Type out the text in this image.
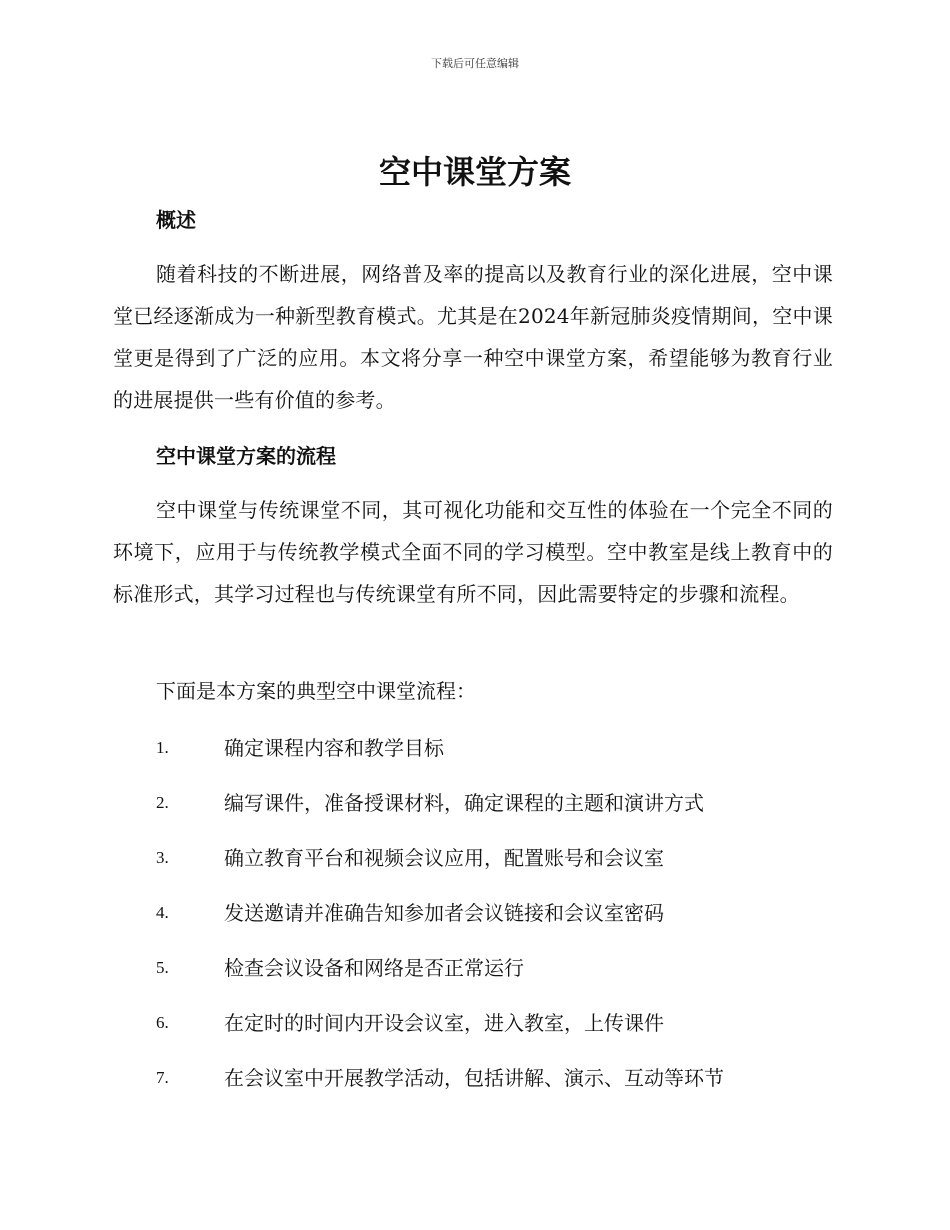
下载后可任意编辑
空中课堂方案
概述

随着科技的不断进展，网络普及率的提高以及教育行业的深化进展，空中课堂已经逐渐成为一种新型教育模式。尤其是在2024年新冠肺炎疫情期间，空中课堂更是得到了广泛的应用。本文将分享一种空中课堂方案，希望能够为教育行业的进展提供一些有价值的参考。

空中课堂方案的流程

空中课堂与传统课堂不同，其可视化功能和交互性的体验在一个完全不同的环境下，应用于与传统教学模式全面不同的学习模型。空中教室是线上教育中的标准形式，其学习过程也与传统课堂有所不同，因此需要特定的步骤和流程。

下面是本方案的典型空中课堂流程：
1.	确定课程内容和教学目标
2.	编写课件，准备授课材料，确定课程的主题和演讲方式
3.	确立教育平台和视频会议应用，配置账号和会议室
4.	发送邀请并准确告知参加者会议链接和会议室密码
5.	检查会议设备和网络是否正常运行
6.	在定时的时间内开设会议室，进入教室，上传课件
7.	在会议室中开展教学活动，包括讲解、演示、互动等环节
